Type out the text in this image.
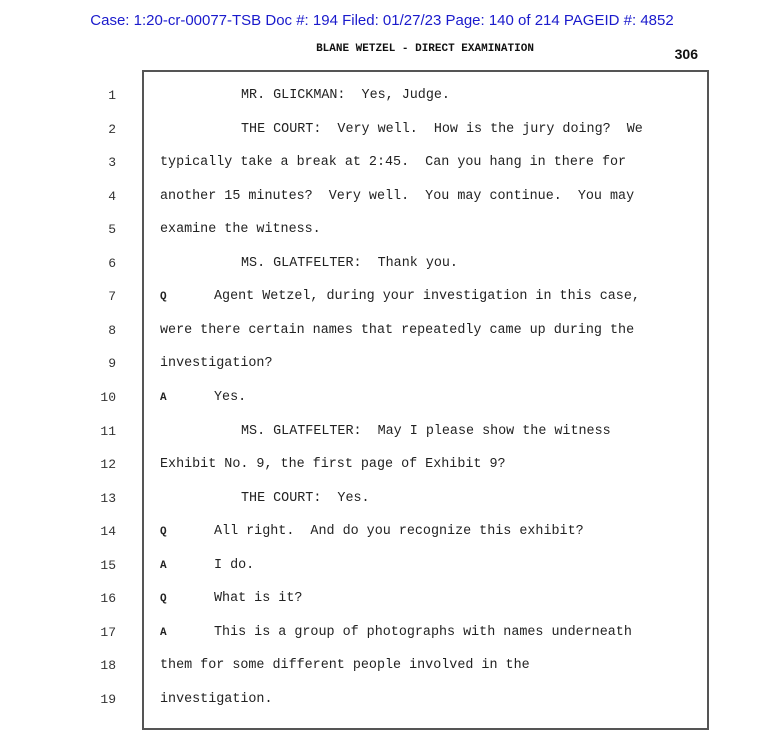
Case: 1:20-cr-00077-TSB Doc #: 194 Filed: 01/27/23 Page: 140 of 214 PAGEID #: 4852
BLANE WETZEL - DIRECT EXAMINATION	306
1	MR. GLICKMAN:  Yes, Judge.
2	THE COURT:  Very well.  How is the jury doing?  We
3	typically take a break at 2:45.  Can you hang in there for
4	another 15 minutes?  Very well.  You may continue.  You may
5	examine the witness.
6	MS. GLATFELTER:  Thank you.
7	Q	Agent Wetzel, during your investigation in this case,
8	were there certain names that repeatedly came up during the
9	investigation?
10	A	Yes.
11	MS. GLATFELTER:  May I please show the witness
12	Exhibit No. 9, the first page of Exhibit 9?
13	THE COURT:  Yes.
14	Q	All right.  And do you recognize this exhibit?
15	A	I do.
16	Q	What is it?
17	A	This is a group of photographs with names underneath
18	them for some different people involved in the
19	investigation.
